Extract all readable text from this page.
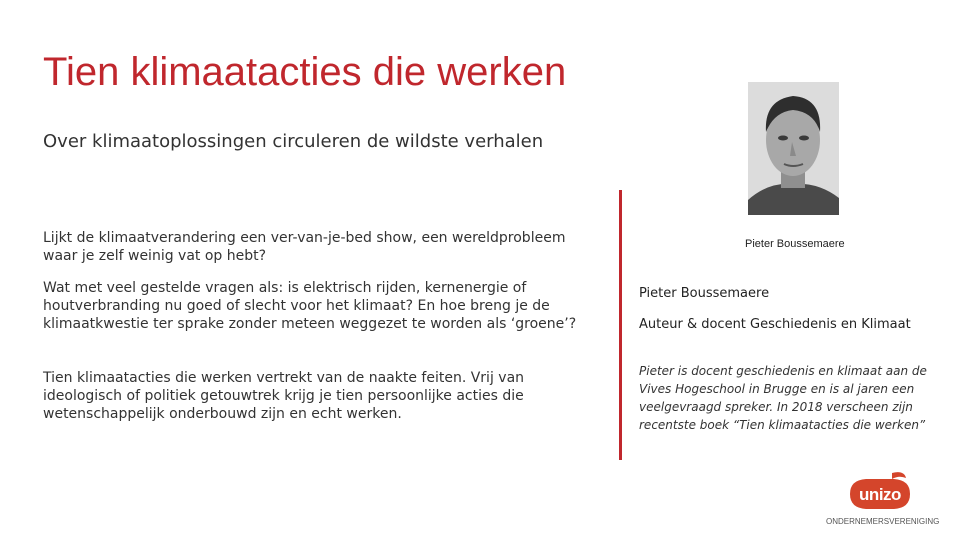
Tien klimaatacties die werken
Over klimaatoplossingen circuleren de wildste verhalen

Lijkt de klimaatverandering een ver-van-je-bed show, een wereldprobleem waar je zelf weinig vat op hebt?

Wat met veel gestelde vragen als: is elektrisch rijden, kernenergie of houtverbranding nu goed of slecht voor het klimaat? En hoe breng je de klimaatkwestie ter sprake zonder meteen weggezet te worden als ‘groene’?

Tien klimaatacties die werken vertrekt van de naakte feiten. Vrij van ideologisch of politiek getouwtrek krijg je tien persoonlijke acties die wetenschappelijk onderbouwd zijn en echt werken.

Pieter Boussemaere
Pieter Boussemaere
Auteur & docent Geschiedenis en Klimaat

Pieter is docent geschiedenis en klimaat aan de Vives Hogeschool in Brugge en is al jaren een veelgevraagd spreker. In 2018 verscheen zijn recentste boek “Tien klimaatacties die werken”

unizo
ONDERNEMERSVERENIGING
